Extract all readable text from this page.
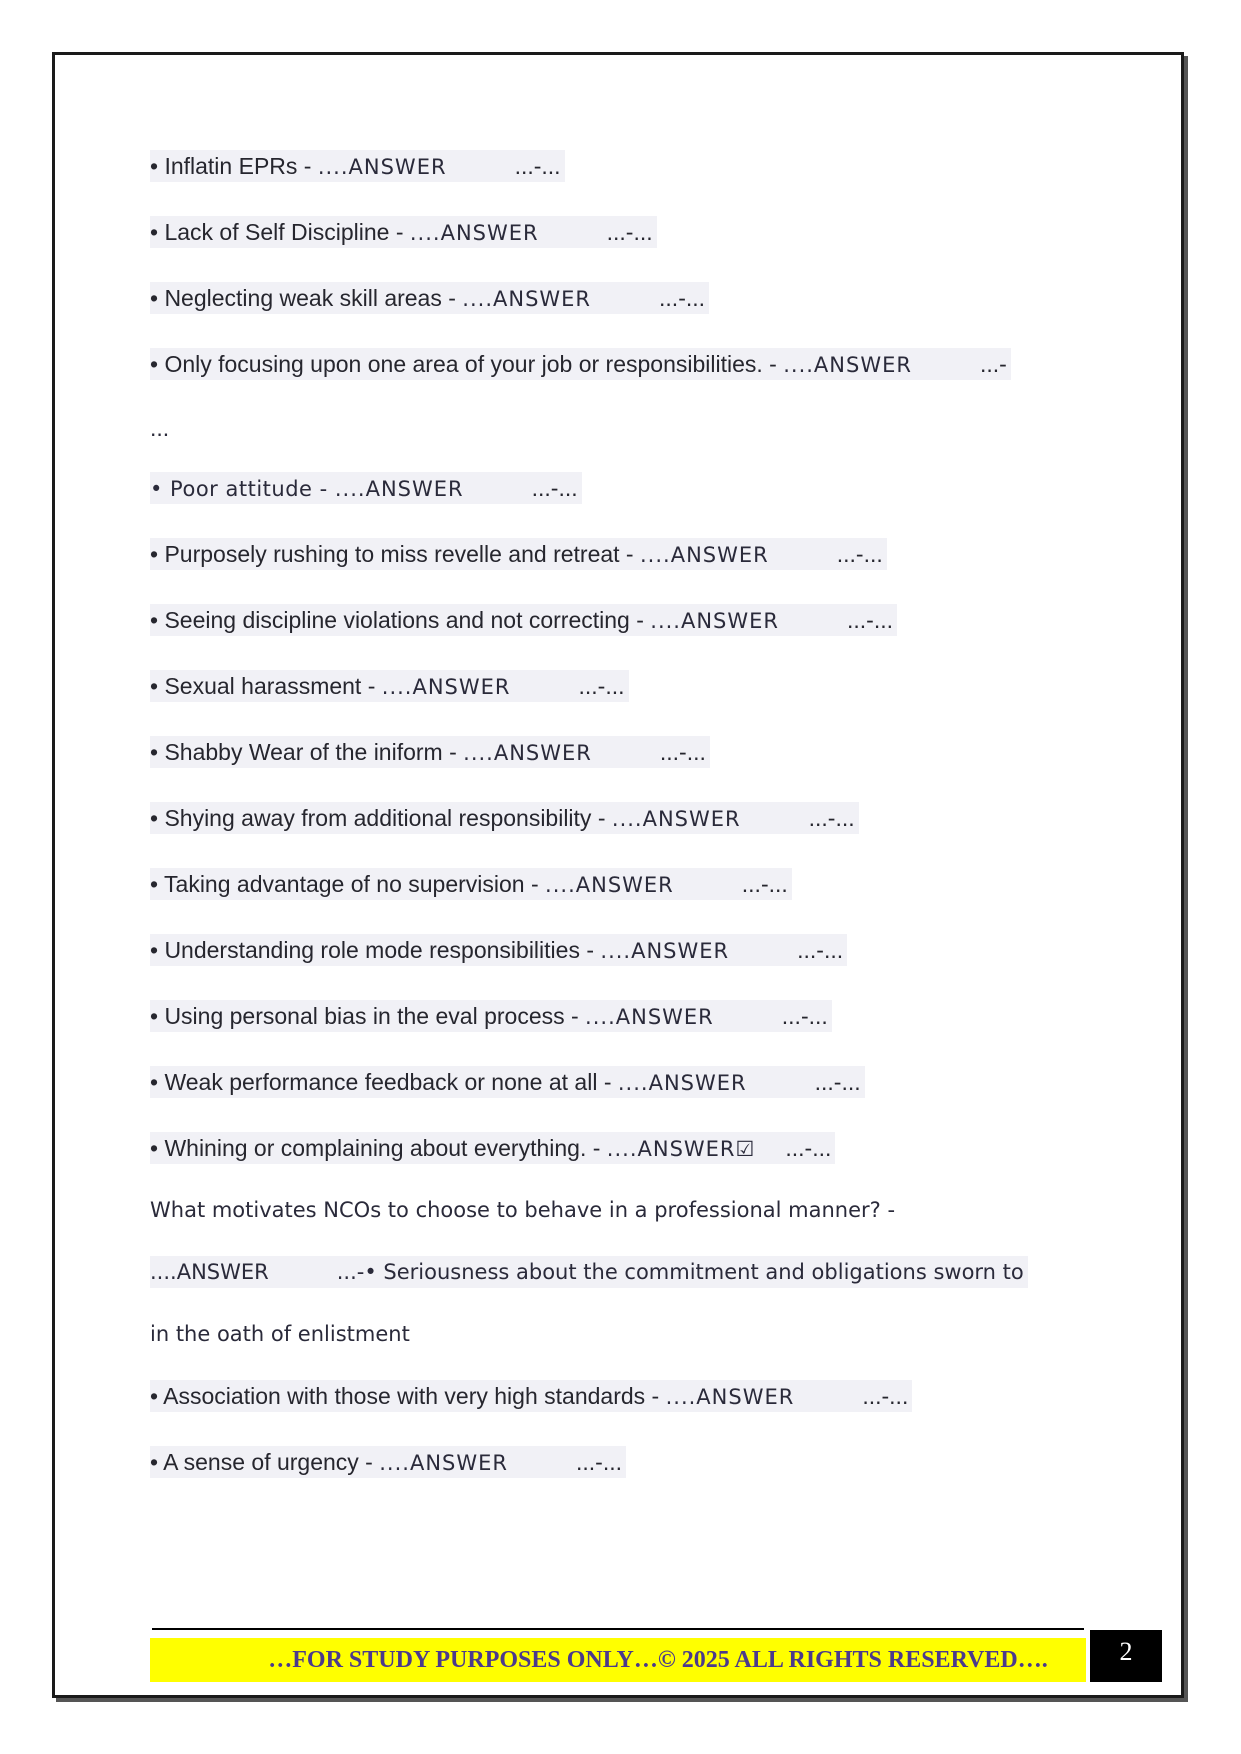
• Inflatin EPRs - ....ANSWER	...-...
• Lack of Self Discipline - ....ANSWER	...-...
• Neglecting weak skill areas - ....ANSWER	...-...
• Only focusing upon one area of your job or responsibilities. - ....ANSWER	...-
...
• Poor attitude - ....ANSWER	...-...
• Purposely rushing to miss revelle and retreat - ....ANSWER	...-...
• Seeing discipline violations and not correcting - ....ANSWER	...-...
• Sexual harassment - ....ANSWER	...-...
• Shabby Wear of the iniform - ....ANSWER	...-...
• Shying away from additional responsibility - ....ANSWER	...-...
• Taking advantage of no supervision - ....ANSWER	...-...
• Understanding role mode responsibilities - ....ANSWER	...-...
• Using personal bias in the eval process - ....ANSWER	...-...
• Weak performance feedback or none at all - ....ANSWER	...-...
• Whining or complaining about everything. - ....ANSWER☑ ...-...
What motivates NCOs to choose to behave in a professional manner? -
....ANSWER	...-• Seriousness about the commitment and obligations sworn to
in the oath of enlistment
• Association with those with very high standards - ....ANSWER	...-...
• A sense of urgency - ....ANSWER	...-...
…FOR STUDY PURPOSES ONLY…© 2025 ALL RIGHTS RESERVED….	2
